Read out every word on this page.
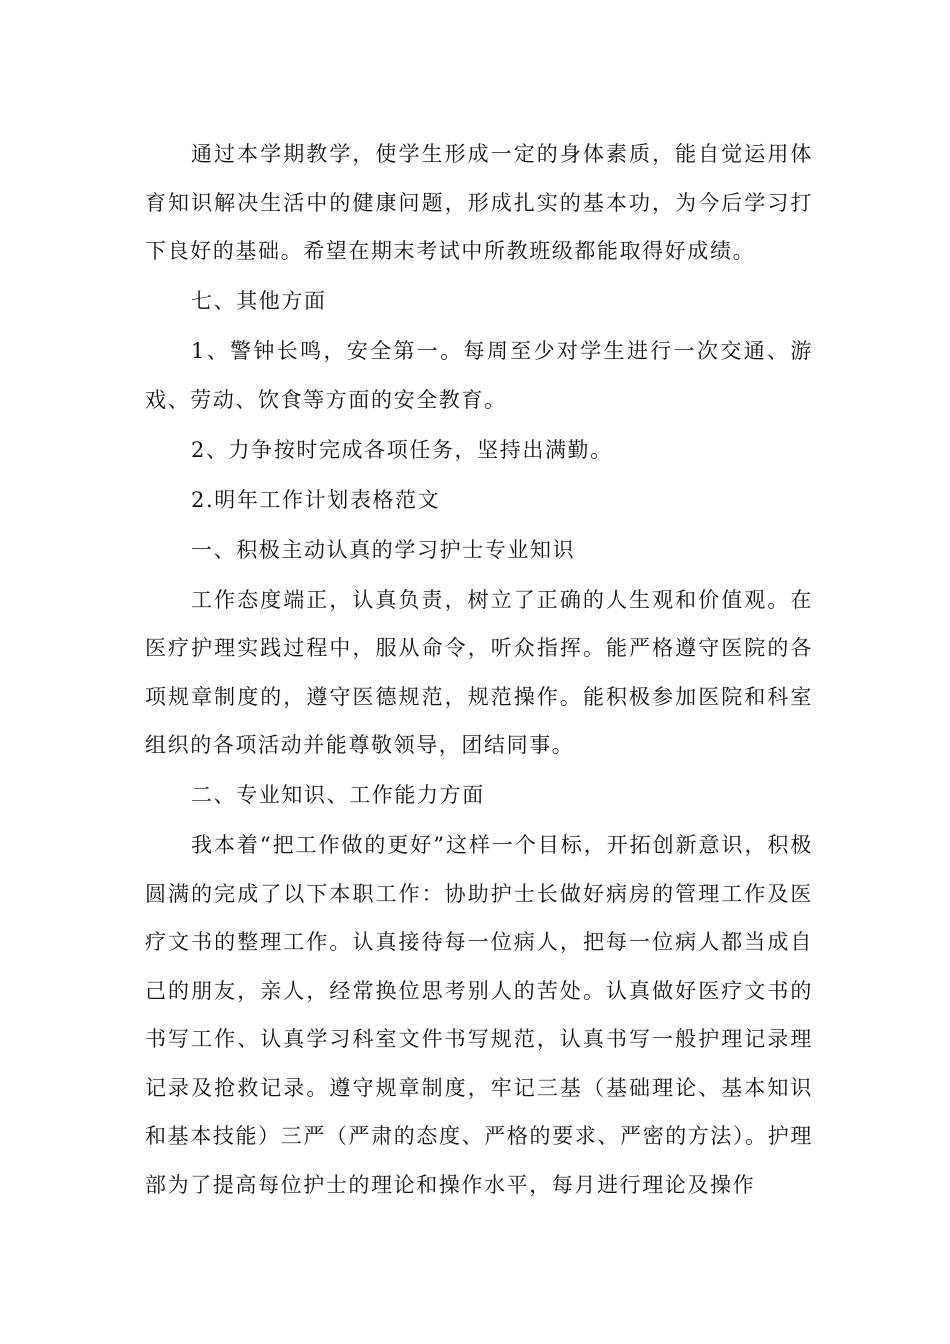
通过本学期教学，使学生形成一定的身体素质，能自觉运用体育知识解决生活中的健康问题，形成扎实的基本功，为今后学习打下良好的基础。希望在期末考试中所教班级都能取得好成绩。

七、其他方面

1、警钟长鸣，安全第一。每周至少对学生进行一次交通、游戏、劳动、饮食等方面的安全教育。

2、力争按时完成各项任务，坚持出满勤。

2.明年工作计划表格范文

一、积极主动认真的学习护士专业知识

工作态度端正，认真负责，树立了正确的人生观和价值观。在医疗护理实践过程中，服从命令，听众指挥。能严格遵守医院的各项规章制度的，遵守医德规范，规范操作。能积极参加医院和科室组织的各项活动并能尊敬领导，团结同事。

二、专业知识、工作能力方面

我本着“把工作做的更好”这样一个目标，开拓创新意识，积极圆满的完成了以下本职工作：协助护士长做好病房的管理工作及医疗文书的整理工作。认真接待每一位病人，把每一位病人都当成自己的朋友，亲人，经常换位思考别人的苦处。认真做好医疗文书的书写工作、认真学习科室文件书写规范，认真书写一般护理记录理记录及抢救记录。遵守规章制度，牢记三基（基础理论、基本知识和基本技能）三严（严肃的态度、严格的要求、严密的方法）。护理部为了提高每位护士的理论和操作水平，每月进行理论及操作
